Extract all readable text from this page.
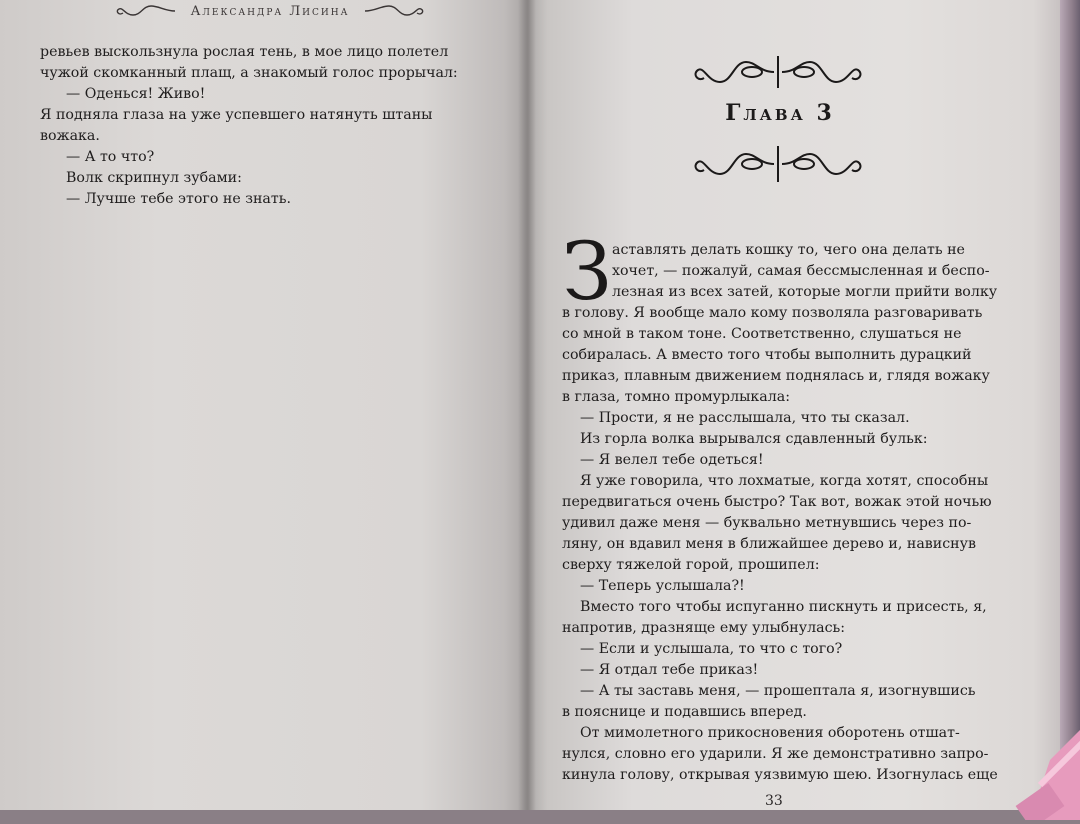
Александра Лисина
ревьев выскользнула рослая тень, в мое лицо полетел
чужой скомканный плащ, а знакомый голос прорычал:
— Оденься! Живо!
Я подняла глаза на уже успевшего натянуть штаны
вожака.
— А то что?
Волк скрипнул зубами:
— Лучше тебе этого не знать.
Глава 3
З аставлять делать кошку то, чего она делать не
хочет, — пожалуй, самая бессмысленная и беспо-
лезная из всех затей, которые могли прийти волку
в голову. Я вообще мало кому позволяла разговаривать
со мной в таком тоне. Соответственно, слушаться не
собиралась. А вместо того чтобы выполнить дурацкий
приказ, плавным движением поднялась и, глядя вожаку
в глаза, томно промурлыкала:
— Прости, я не расслышала, что ты сказал.
Из горла волка вырывался сдавленный бульк:
— Я велел тебе одеться!
Я уже говорила, что лохматые, когда хотят, способны
передвигаться очень быстро? Так вот, вожак этой ночью
удивил даже меня — буквально метнувшись через по-
ляну, он вдавил меня в ближайшее дерево и, нависнув
сверху тяжелой горой, прошипел:
— Теперь услышала?!
Вместо того чтобы испуганно пискнуть и присесть, я,
напротив, дразняще ему улыбнулась:
— Если и услышала, то что с того?
— Я отдал тебе приказ!
— А ты заставь меня, — прошептала я, изогнувшись
в пояснице и подавшись вперед.
От мимолетного прикосновения оборотень отшат-
нулся, словно его ударили. Я же демонстративно запро-
кинула голову, открывая уязвимую шею. Изогнулась еще
33
